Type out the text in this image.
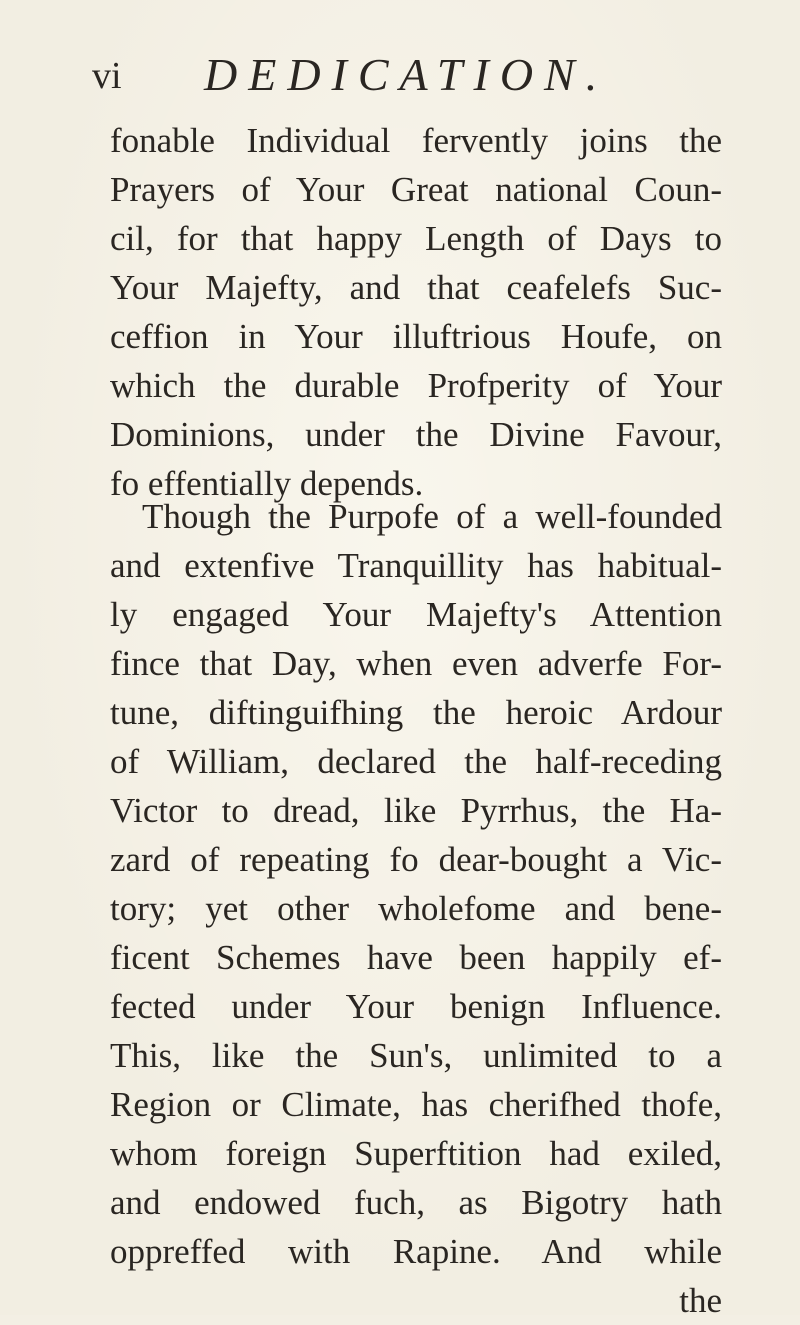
vi DEDICATION.
fonable Individual fervently joins the
Prayers of Your Great national Coun-
cil, for that happy Length of Days to
Your Majefty, and that ceafelefs Suc-
ceffion in Your illuftrious Houfe, on
which the durable Profperity of Your
Dominions, under the Divine Favour,
fo effentially depends.
Though the Purpofe of a well-founded
and extenfive Tranquillity has habitual-
ly engaged Your Majefty's Attention
fince that Day, when even adverfe For-
tune, diftinguifhing the heroic Ardour
of William, declared the half-receding
Victor to dread, like Pyrrhus, the Ha-
zard of repeating fo dear-bought a Vic-
tory; yet other wholefome and bene-
ficent Schemes have been happily ef-
fected under Your benign Influence.
This, like the Sun's, unlimited to a
Region or Climate, has cherifhed thofe,
whom foreign Superftition had exiled,
and endowed fuch, as Bigotry hath
oppreffed with Rapine. And while
the
